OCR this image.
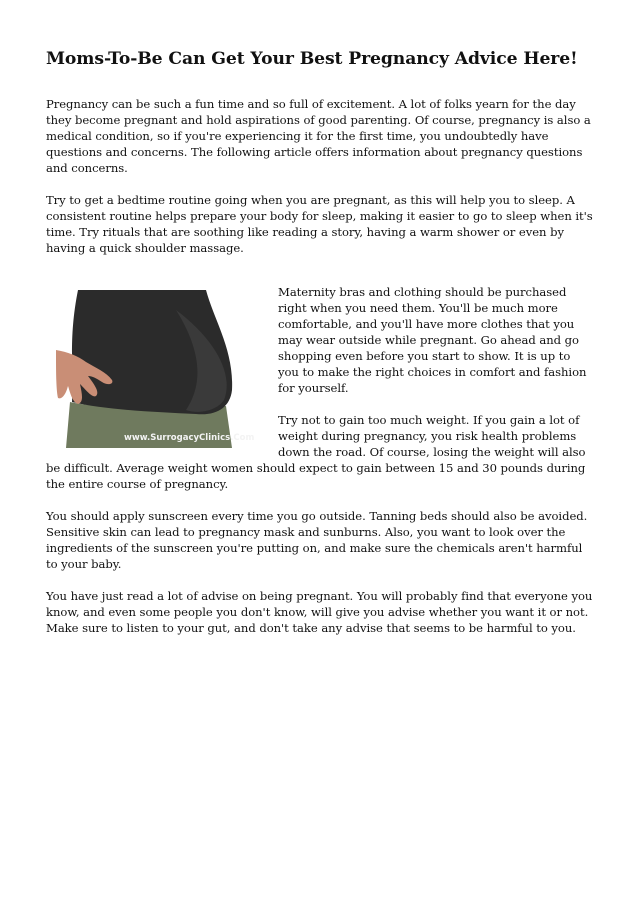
Moms-To-Be Can Get Your Best Pregnancy Advice Here!

Pregnancy can be such a fun time and so full of excitement. A lot of folks yearn for the day they become pregnant and hold aspirations of good parenting. Of course, pregnancy is also a medical condition, so if you're experiencing it for the first time, you undoubtedly have questions and concerns. The following article offers information about pregnancy questions and concerns.

Try to get a bedtime routine going when you are pregnant, as this will help you to sleep. A consistent routine helps prepare your body for sleep, making it easier to go to sleep when it's time. Try rituals that are soothing like reading a story, having a warm shower or even by having a quick shoulder massage.

www.SurrogacyClinics.Com

Maternity bras and clothing should be purchased right when you need them. You'll be much more comfortable, and you'll have more clothes that you may wear outside while pregnant. Go ahead and go shopping even before you start to show. It is up to you to make the right choices in comfort and fashion for yourself.

Try not to gain too much weight. If you gain a lot of weight during pregnancy, you risk health problems down the road. Of course, losing the weight will also be difficult. Average weight women should expect to gain between 15 and 30 pounds during the entire course of pregnancy.

You should apply sunscreen every time you go outside. Tanning beds should also be avoided. Sensitive skin can lead to pregnancy mask and sunburns. Also, you want to look over the ingredients of the sunscreen you're putting on, and make sure the chemicals aren't harmful to your baby.

You have just read a lot of advise on being pregnant. You will probably find that everyone you know, and even some people you don't know, will give you advise whether you want it or not. Make sure to listen to your gut, and don't take any advise that seems to be harmful to you.
